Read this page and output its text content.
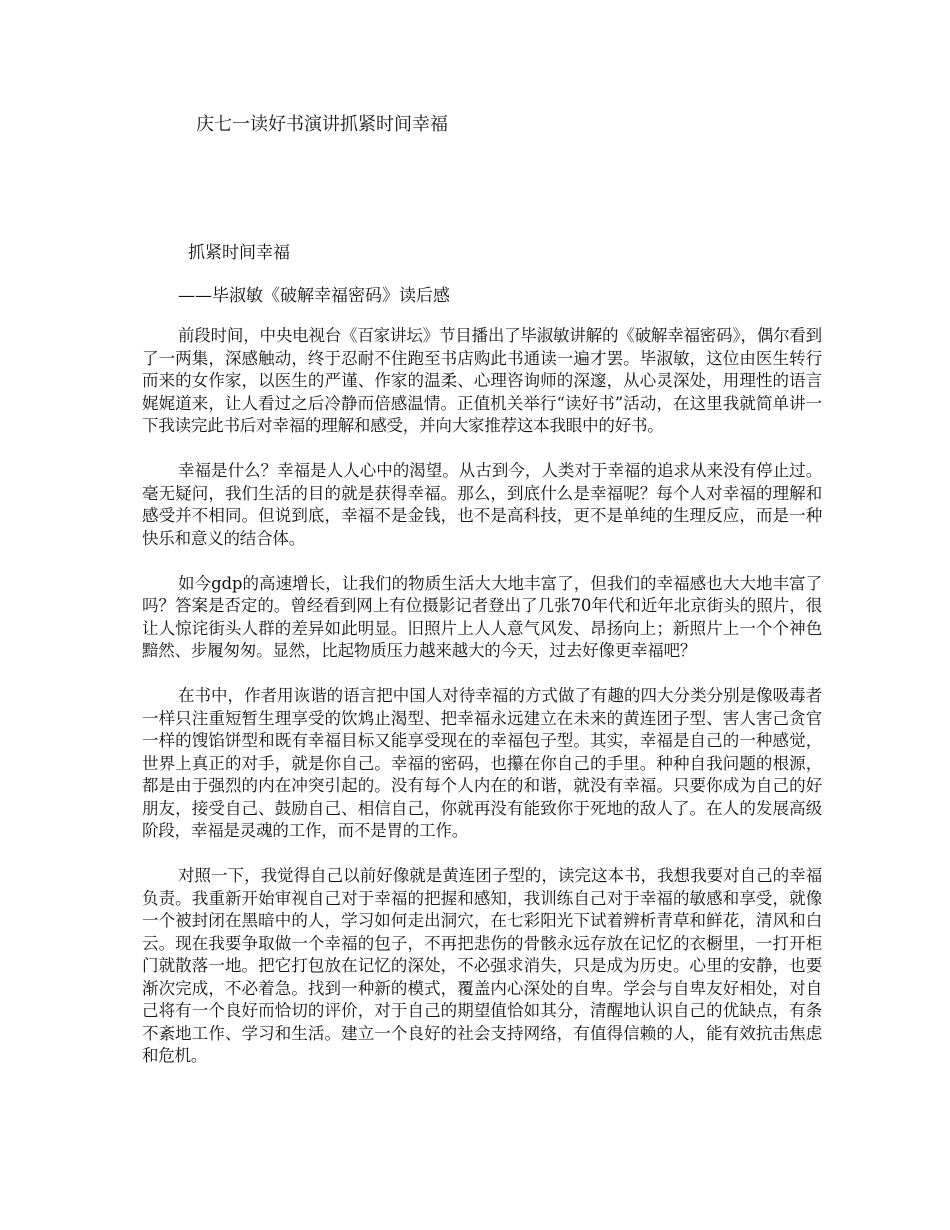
庆七一读好书演讲抓紧时间幸福
抓紧时间幸福

——毕淑敏《破解幸福密码》读后感

前段时间，中央电视台《百家讲坛》节目播出了毕淑敏讲解的《破解幸福密码》，偶尔看到了一两集，深感触动，终于忍耐不住跑至书店购此书通读一遍才罢。毕淑敏，这位由医生转行而来的女作家，以医生的严谨、作家的温柔、心理咨询师的深邃，从心灵深处，用理性的语言娓娓道来，让人看过之后冷静而倍感温情。正值机关举行“读好书”活动，在这里我就简单讲一下我读完此书后对幸福的理解和感受，并向大家推荐这本我眼中的好书。

幸福是什么？幸福是人人心中的渴望。从古到今，人类对于幸福的追求从来没有停止过。毫无疑问，我们生活的目的就是获得幸福。那么，到底什么是幸福呢？每个人对幸福的理解和感受并不相同。但说到底，幸福不是金钱，也不是高科技，更不是单纯的生理反应，而是一种快乐和意义的结合体。

如今gdp的高速增长，让我们的物质生活大大地丰富了，但我们的幸福感也大大地丰富了吗？答案是否定的。曾经看到网上有位摄影记者登出了几张70年代和近年北京街头的照片，很让人惊诧街头人群的差异如此明显。旧照片上人人意气风发、昂扬向上；新照片上一个个神色黯然、步履匆匆。显然，比起物质压力越来越大的今天，过去好像更幸福吧？

在书中，作者用诙谐的语言把中国人对待幸福的方式做了有趣的四大分类分别是像吸毒者一样只注重短暂生理享受的饮鸩止渴型、把幸福永远建立在未来的黄连团子型、害人害己贪官一样的馊馅饼型和既有幸福目标又能享受现在的幸福包子型。其实，幸福是自己的一种感觉，世界上真正的对手，就是你自己。幸福的密码，也攥在你自己的手里。种种自我问题的根源，都是由于强烈的内在冲突引起的。没有每个人内在的和谐，就没有幸福。只要你成为自己的好朋友，接受自己、鼓励自己、相信自己，你就再没有能致你于死地的敌人了。在人的发展高级阶段，幸福是灵魂的工作，而不是胃的工作。

对照一下，我觉得自己以前好像就是黄连团子型的，读完这本书，我想我要对自己的幸福负责。我重新开始审视自己对于幸福的把握和感知，我训练自己对于幸福的敏感和享受，就像一个被封闭在黑暗中的人，学习如何走出洞穴，在七彩阳光下试着辨析青草和鲜花，清风和白云。现在我要争取做一个幸福的包子，不再把悲伤的骨骸永远存放在记忆的衣橱里，一打开柜门就散落一地。把它打包放在记忆的深处，不必强求消失，只是成为历史。心里的安静，也要渐次完成，不必着急。找到一种新的模式，覆盖内心深处的自卑。学会与自卑友好相处，对自己将有一个良好而恰切的评价，对于自己的期望值恰如其分，清醒地认识自己的优缺点，有条不紊地工作、学习和生活。建立一个良好的社会支持网络，有值得信赖的人，能有效抗击焦虑和危机。
